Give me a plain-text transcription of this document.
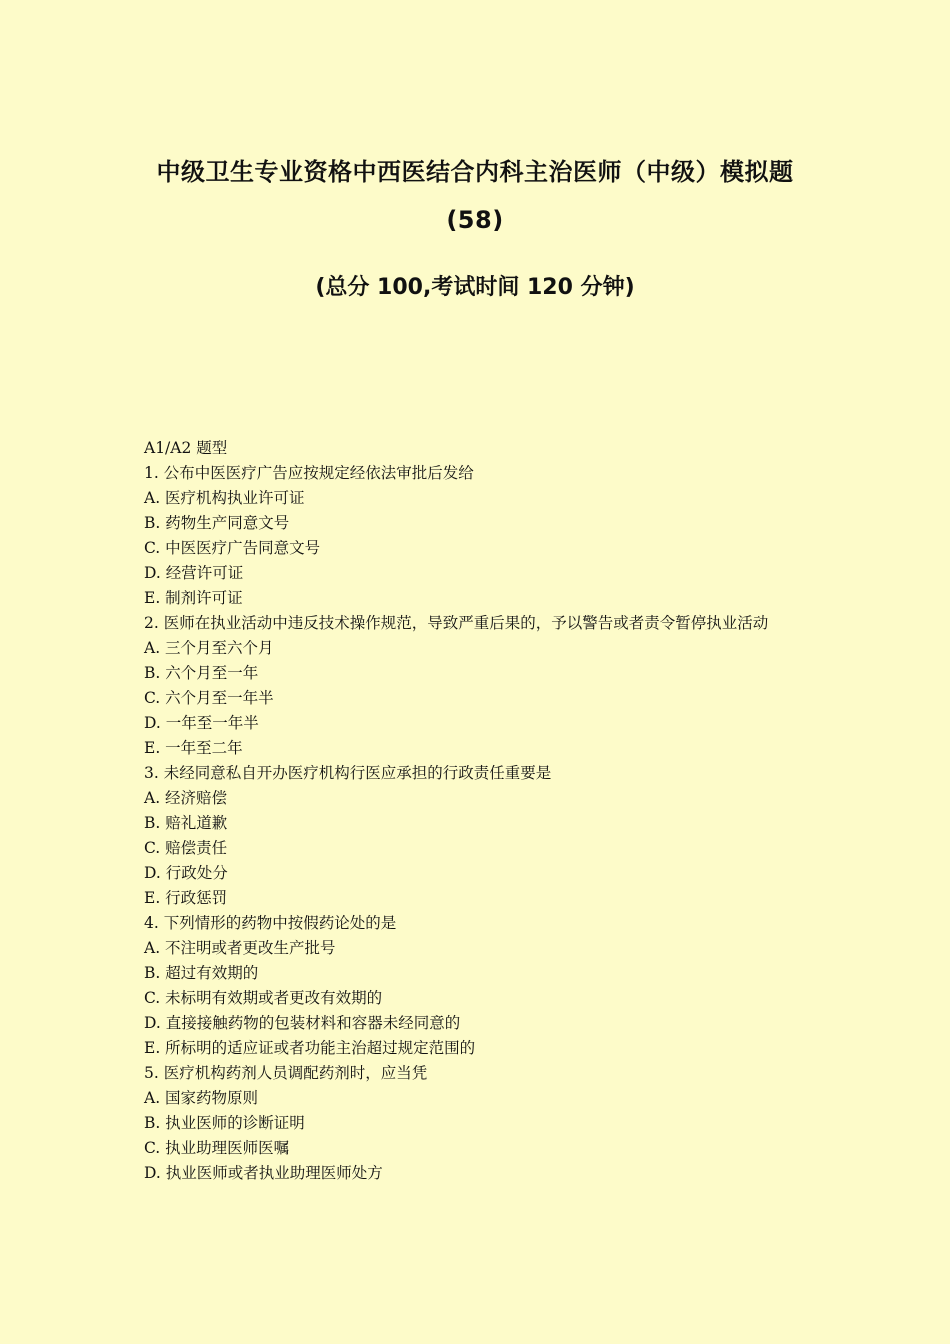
中级卫生专业资格中西医结合内科主治医师（中级）模拟题(58)
(总分 100,考试时间 120 分钟)
A1/A2 题型
1. 公布中医医疗广告应按规定经依法审批后发给
A. 医疗机构执业许可证
B. 药物生产同意文号
C. 中医医疗广告同意文号
D. 经营许可证
E. 制剂许可证
2. 医师在执业活动中违反技术操作规范，导致严重后果的，予以警告或者责令暂停执业活动
A. 三个月至六个月
B. 六个月至一年
C. 六个月至一年半
D. 一年至一年半
E. 一年至二年
3. 未经同意私自开办医疗机构行医应承担的行政责任重要是
A. 经济赔偿
B. 赔礼道歉
C. 赔偿责任
D. 行政处分
E. 行政惩罚
4. 下列情形的药物中按假药论处的是
A. 不注明或者更改生产批号
B. 超过有效期的
C. 未标明有效期或者更改有效期的
D. 直接接触药物的包装材料和容器未经同意的
E. 所标明的适应证或者功能主治超过规定范围的
5. 医疗机构药剂人员调配药剂时，应当凭
A. 国家药物原则
B. 执业医师的诊断证明
C. 执业助理医师医嘱
D. 执业医师或者执业助理医师处方
